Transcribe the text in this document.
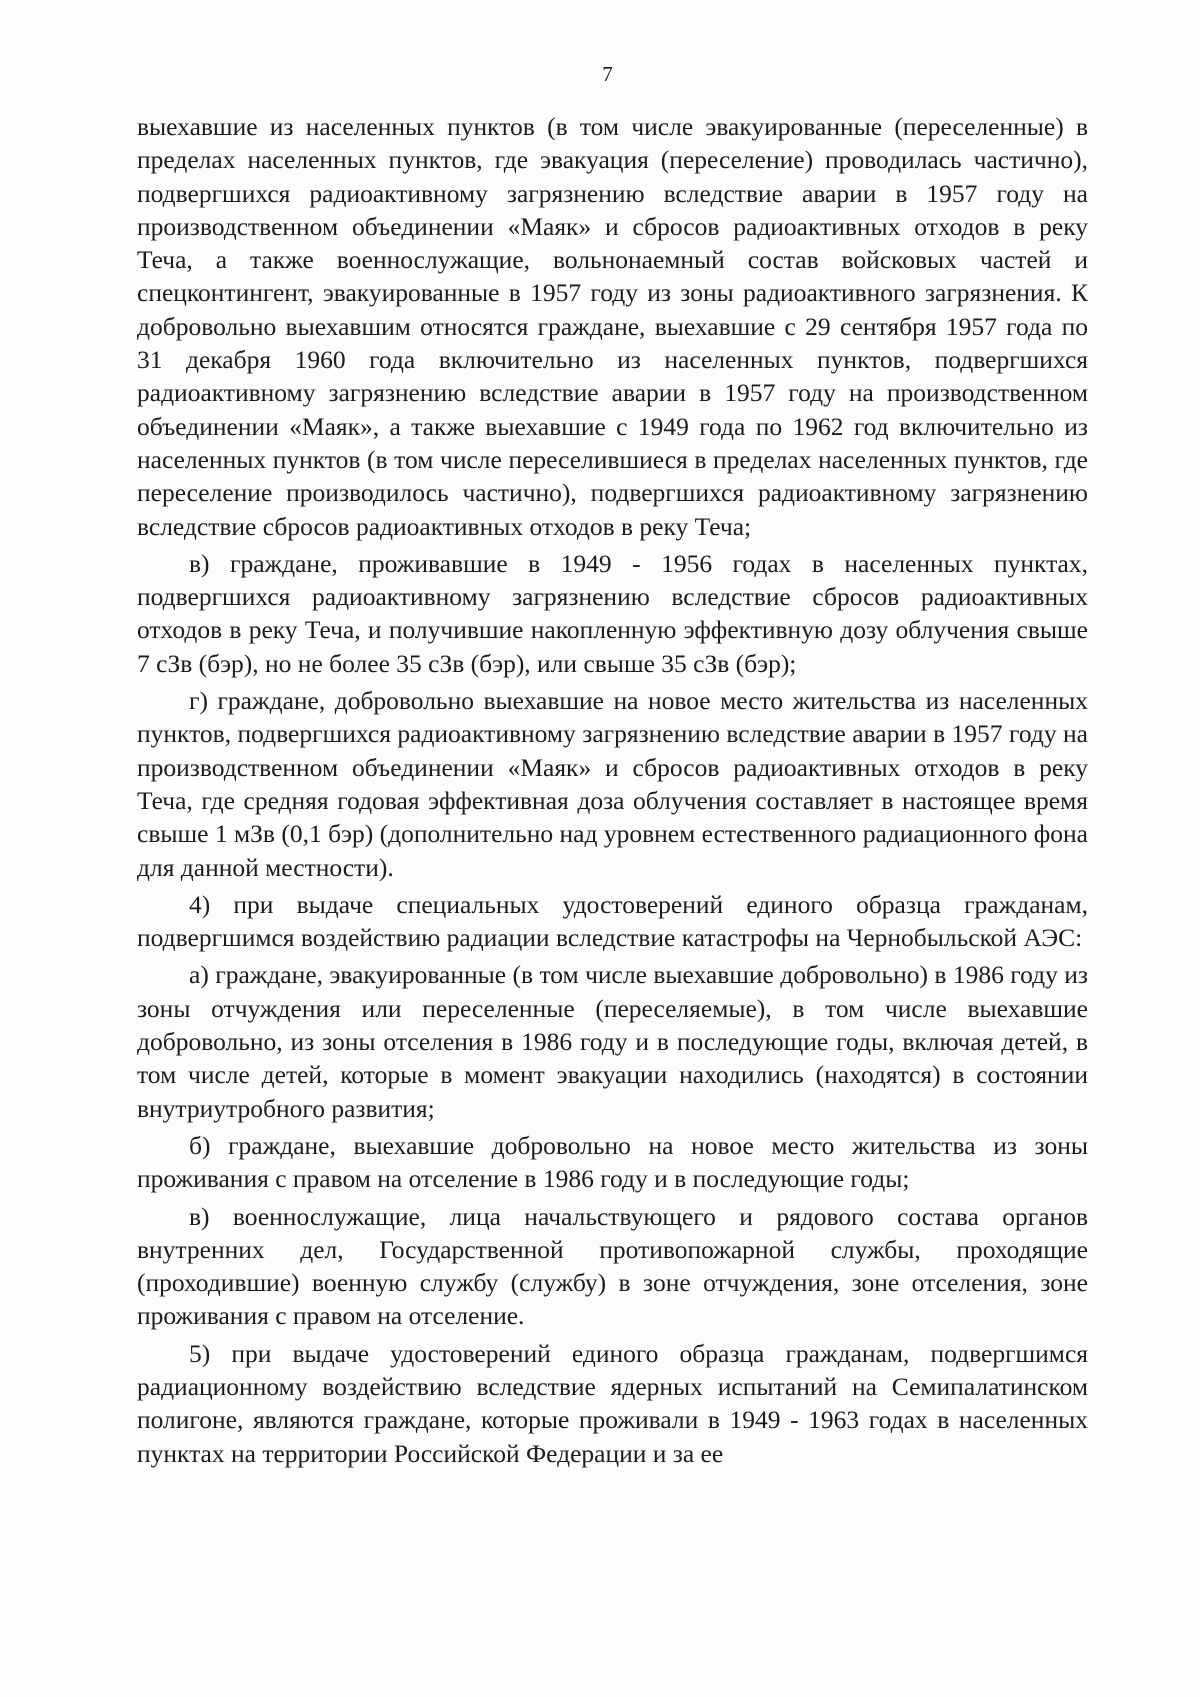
7

выехавшие из населенных пунктов (в том числе эвакуированные (переселенные) в пределах населенных пунктов, где эвакуация (переселение) проводилась частично), подвергшихся радиоактивному загрязнению вследствие аварии в 1957 году на производственном объединении «Маяк» и сбросов радиоактивных отходов в реку Теча, а также военнослужащие, вольнонаемный состав войсковых частей и спецконтингент, эвакуированные в 1957 году из зоны радиоактивного загрязнения. К добровольно выехавшим относятся граждане, выехавшие с 29 сентября 1957 года по 31 декабря 1960 года включительно из населенных пунктов, подвергшихся радиоактивному загрязнению вследствие аварии в 1957 году на производственном объединении «Маяк», а также выехавшие с 1949 года по 1962 год включительно из населенных пунктов (в том числе переселившиеся в пределах населенных пунктов, где переселение производилось частично), подвергшихся радиоактивному загрязнению вследствие сбросов радиоактивных отходов в реку Теча;

в) граждане, проживавшие в 1949 - 1956 годах в населенных пунктах, подвергшихся радиоактивному загрязнению вследствие сбросов радиоактивных отходов в реку Теча, и получившие накопленную эффективную дозу облучения свыше 7 сЗв (бэр), но не более 35 сЗв (бэр), или свыше 35 сЗв (бэр);

г) граждане, добровольно выехавшие на новое место жительства из населенных пунктов, подвергшихся радиоактивному загрязнению вследствие аварии в 1957 году на производственном объединении «Маяк» и сбросов радиоактивных отходов в реку Теча, где средняя годовая эффективная доза облучения составляет в настоящее время свыше 1 мЗв (0,1 бэр) (дополнительно над уровнем естественного радиационного фона для данной местности).

4) при выдаче специальных удостоверений единого образца гражданам, подвергшимся воздействию радиации вследствие катастрофы на Чернобыльской АЭС:

а) граждане, эвакуированные (в том числе выехавшие добровольно) в 1986 году из зоны отчуждения или переселенные (переселяемые), в том числе выехавшие добровольно, из зоны отселения в 1986 году и в последующие годы, включая детей, в том числе детей, которые в момент эвакуации находились (находятся) в состоянии внутриутробного развития;

б) граждане, выехавшие добровольно на новое место жительства из зоны проживания с правом на отселение в 1986 году и в последующие годы;

в) военнослужащие, лица начальствующего и рядового состава органов внутренних дел, Государственной противопожарной службы, проходящие (проходившие) военную службу (службу) в зоне отчуждения, зоне отселения, зоне проживания с правом на отселение.

5) при выдаче удостоверений единого образца гражданам, подвергшимся радиационному воздействию вследствие ядерных испытаний на Семипалатинском полигоне, являются граждане, которые проживали в 1949 - 1963 годах в населенных пунктах на территории Российской Федерации и за ее
